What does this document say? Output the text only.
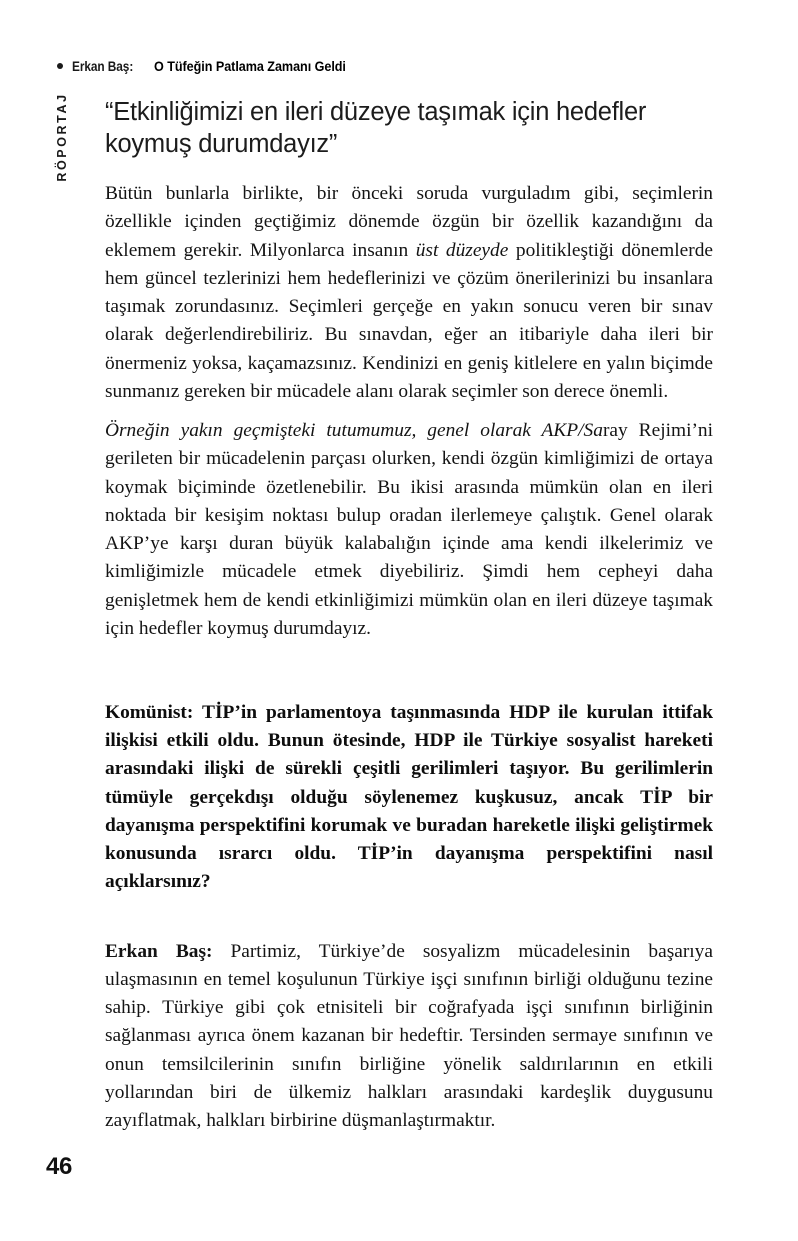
Erkan Baş: O Tüfeğin Patlama Zamanı Geldi
RÖPORTAJ “Etkinliğimizi en ileri düzeye taşımak için hedefler koymuş durumdayız”

Bütün bunlarla birlikte, bir önceki soruda vurguladım gibi, seçimlerin özellikle içinden geçtiğimiz dönemde özgün bir özellik kazandığını da eklemem gerekir. Milyonlarca insanın üst düzeyde politikleştiği dönemlerde hem güncel tezlerinizi hem hedeflerinizi ve çözüm önerilerinizi bu insanlara taşımak zorundasınız. Seçimleri gerçeğe en yakın sonucu veren bir sınav olarak değerlendirebiliriz. Bu sınavdan, eğer an itibariyle daha ileri bir önermeniz yoksa, kaçamazsınız. Kendinizi en geniş kitlelere en yalın biçimde sunmanız gereken bir mücadele alanı olarak seçimler son derece önemli.

Örneğin yakın geçmişteki tutumumuz, genel olarak AKP/Saray Rejimi’ni gerileten bir mücadelenin parçası olurken, kendi özgün kimliğimizi de ortaya koymak biçiminde özetlenebilir. Bu ikisi arasında mümkün olan en ileri noktada bir kesişim noktası bulup oradan ilerlemeye çalıştık. Genel olarak AKP’ye karşı duran büyük kalabalığın içinde ama kendi ilkelerimiz ve kimliğimizle mücadele etmek diyebiliriz. Şimdi hem cepheyi daha genişletmek hem de kendi etkinliğimizi mümkün olan en ileri düzeye taşımak için hedefler koymuş durumdayız.

Komünist: TİP’in parlamentoya taşınmasında HDP ile kurulan ittifak ilişkisi etkili oldu. Bunun ötesinde, HDP ile Türkiye sosyalist hareketi arasındaki ilişki de sürekli çeşitli gerilimleri taşıyor. Bu gerilimlerin tümüyle gerçekdışı olduğu söylenemez kuşkusuz, ancak TİP bir dayanışma perspektifini korumak ve buradan hareketle ilişki geliştirmek konusunda ısrarcı oldu. TİP’in dayanışma perspektifini nasıl açıklarsınız?

Erkan Baş: Partimiz, Türkiye’de sosyalizm mücadelesinin başarıya ulaşmasının en temel koşulunun Türkiye işçi sınıfının birliği olduğunu tezine sahip. Türkiye gibi çok etnisiteli bir coğrafyada işçi sınıfının birliğinin sağlanması ayrıca önem kazanan bir hedeftir. Tersinden sermaye sınıfının ve onun temsilcilerinin sınıfın birliğine yönelik saldırılarının en etkili yollarından biri de ülkemiz halkları arasındaki kardeşlik duygusunu zayıflatmak, halkları birbirine düşmanlaştırmaktır.

46
